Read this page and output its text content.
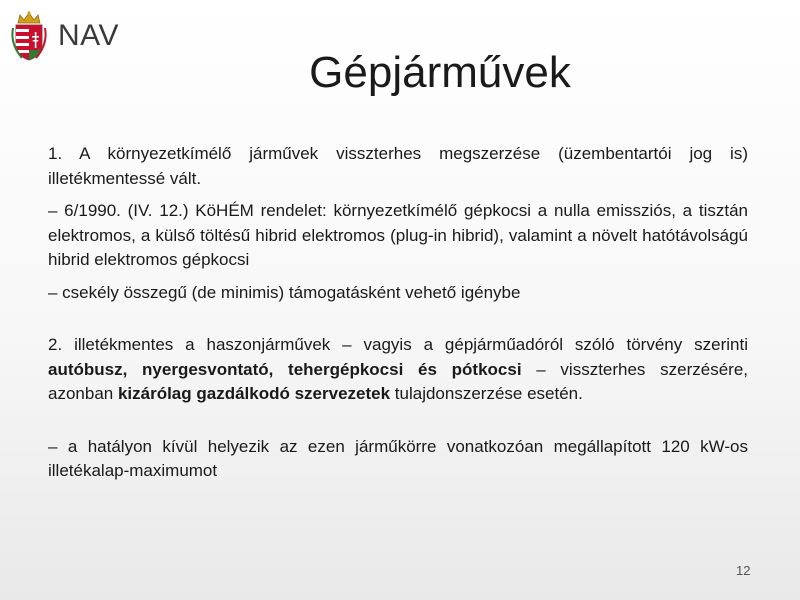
NAV
Gépjárművek

1. A környezetkímélő járművek visszterhes megszerzése (üzembentartói jog is) illetékmentessé vált.

– 6/1990. (IV. 12.) KöHÉM rendelet: környezetkímélő gépkocsi a nulla emissziós, a tisztán elektromos, a külső töltésű hibrid elektromos (plug-in hibrid), valamint a növelt hatótávolságú hibrid elektromos gépkocsi

– csekély összegű (de minimis) támogatásként vehető igénybe

2. illetékmentes a haszonjárművek – vagyis a gépjárműadóról szóló törvény szerinti autóbusz, nyergesvontató, tehergépkocsi és pótkocsi – visszterhes szerzésére, azonban kizárólag gazdálkodó szervezetek tulajdonszerzése esetén.

– a hatályon kívül helyezik az ezen járműkörre vonatkozóan megállapított 120 kW-os illetékalap-maximumot

12
